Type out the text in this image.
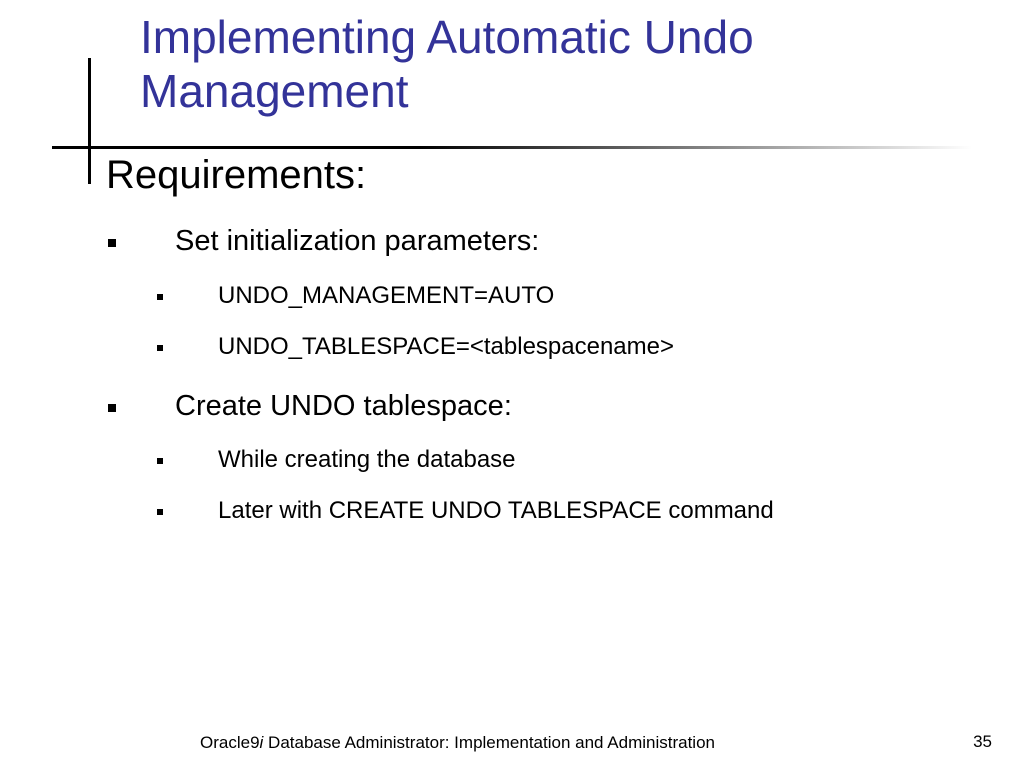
Implementing Automatic Undo Management
Requirements:
Set initialization parameters:
UNDO_MANAGEMENT=AUTO
UNDO_TABLESPACE=<tablespacename>
Create UNDO tablespace:
While creating the database
Later with CREATE UNDO TABLESPACE command
Oracle9i Database Administrator: Implementation and Administration	35
